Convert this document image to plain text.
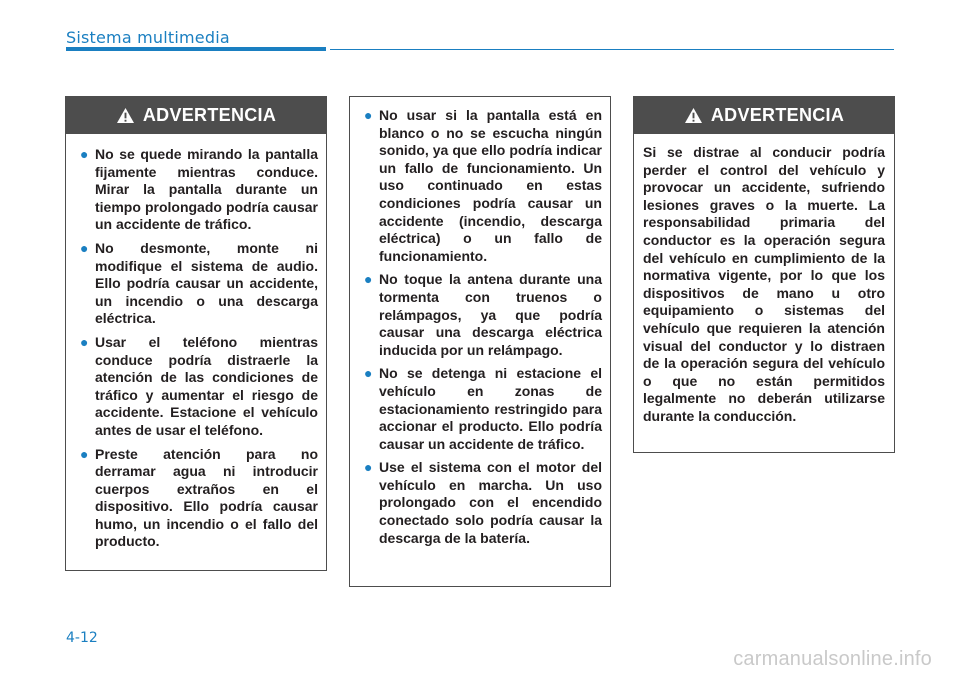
Sistema multimedia
ADVERTENCIA
● No se quede mirando la pantalla fijamente mientras conduce. Mirar la pantalla durante un tiempo prolongado podría causar un accidente de tráfico.
● No desmonte, monte ni modifique el sistema de audio. Ello podría causar un accidente, un incendio o una descarga eléctrica.
● Usar el teléfono mientras conduce podría distraerle la atención de las condiciones de tráfico y aumentar el riesgo de accidente. Estacione el vehículo antes de usar el teléfono.
● Preste atención para no derramar agua ni introducir cuerpos extraños en el dispositivo. Ello podría causar humo, un incendio o el fallo del producto.
● No usar si la pantalla está en blanco o no se escucha ningún sonido, ya que ello podría indicar un fallo de funcionamiento. Un uso continuado en estas condiciones podría causar un accidente (incendio, descarga eléctrica) o un fallo de funcionamiento.
● No toque la antena durante una tormenta con truenos o relámpagos, ya que podría causar una descarga eléctrica inducida por un relámpago.
● No se detenga ni estacione el vehículo en zonas de estacionamiento restringido para accionar el producto. Ello podría causar un accidente de tráfico.
● Use el sistema con el motor del vehículo en marcha. Un uso prolongado con el encendido conectado solo podría causar la descarga de la batería.
ADVERTENCIA

Si se distrae al conducir podría perder el control del vehículo y provocar un accidente, sufriendo lesiones graves o la muerte. La responsabilidad primaria del conductor es la operación segura del vehículo en cumplimiento de la normativa vigente, por lo que los dispositivos de mano u otro equipamiento o sistemas del vehículo que requieren la atención visual del conductor y lo distraen de la operación segura del vehículo o que no están permitidos legalmente no deberán utilizarse durante la conducción.

4-12
carmanualsonline.info
